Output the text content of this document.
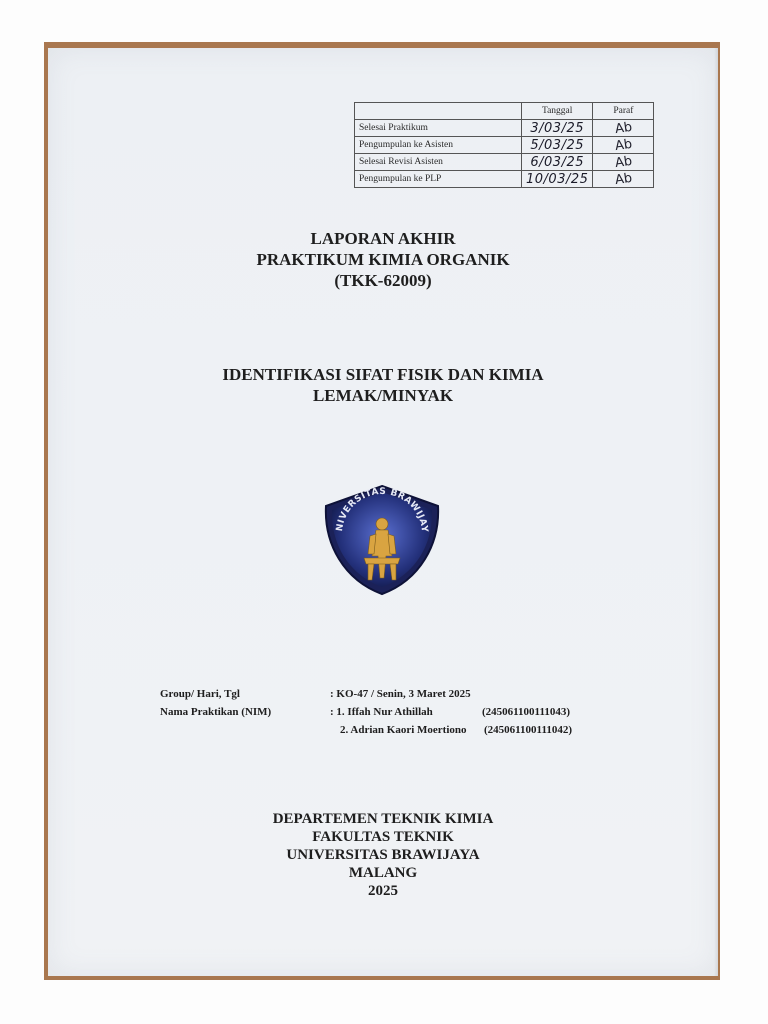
	Tanggal	Paraf
Selesai Praktikum	3/03/25	Ab
Pengumpulan ke Asisten	5/03/25	Ab
Selesai Revisi Asisten	6/03/25	Ab
Pengumpulan ke PLP	10/03/25	Ab
LAPORAN AKHIR
PRAKTIKUM KIMIA ORGANIK
(TKK-62009)
IDENTIFIKASI SIFAT FISIK DAN KIMIA
LEMAK/MINYAK
NIVERSITAS BRAWIJAY
Group/ Hari, Tgl	: KO-47 / Senin, 3 Maret 2025
Nama Praktikan (NIM)	: 1. Iffah Nur Athillah	(245061100111043)
2. Adrian Kaori Moertiono (245061100111042)
DEPARTEMEN TEKNIK KIMIA
FAKULTAS TEKNIK
UNIVERSITAS BRAWIJAYA
MALANG
2025
